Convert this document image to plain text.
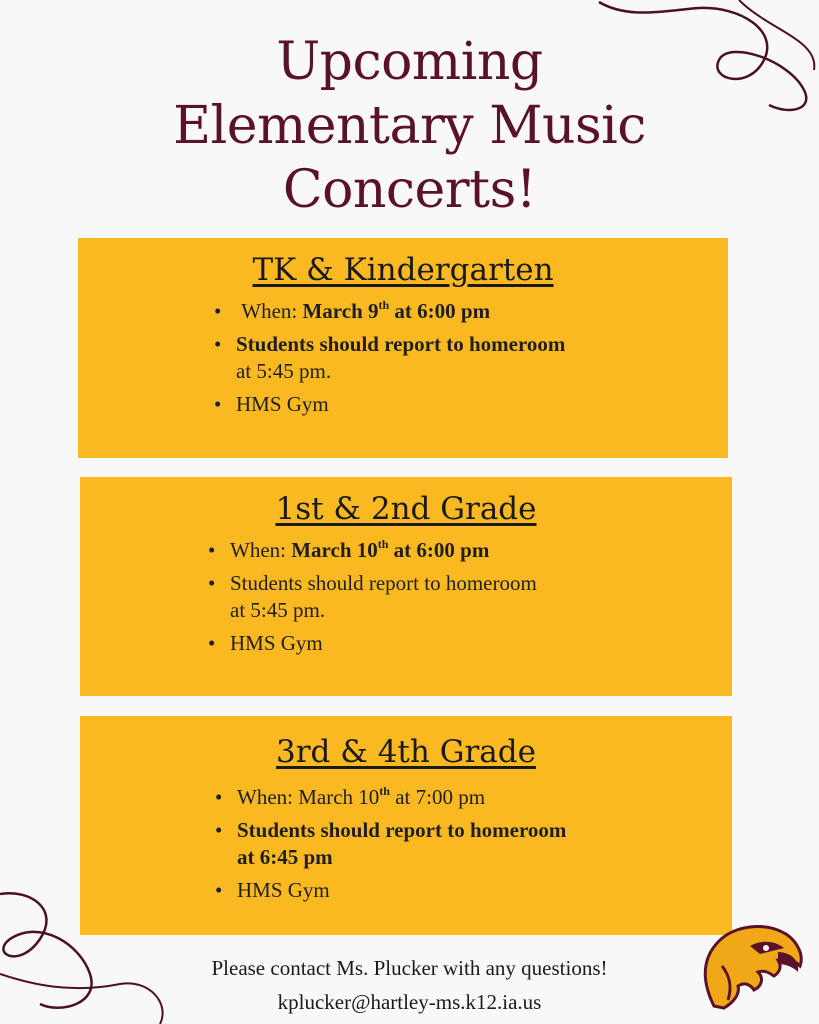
Upcoming
Elementary Music
Concerts!
TK & Kindergarten
• When: March 9th at 6:00 pm
• Students should report to homeroom
at 5:45 pm.
• HMS Gym
1st & 2nd Grade
• When: March 10th at 6:00 pm
• Students should report to homeroom
at 5:45 pm.
• HMS Gym
3rd & 4th Grade
• When: March 10th at 7:00 pm
• Students should report to homeroom
at 6:45 pm
• HMS Gym
Please contact Ms. Plucker with any questions!
kplucker@hartley-ms.k12.ia.us
